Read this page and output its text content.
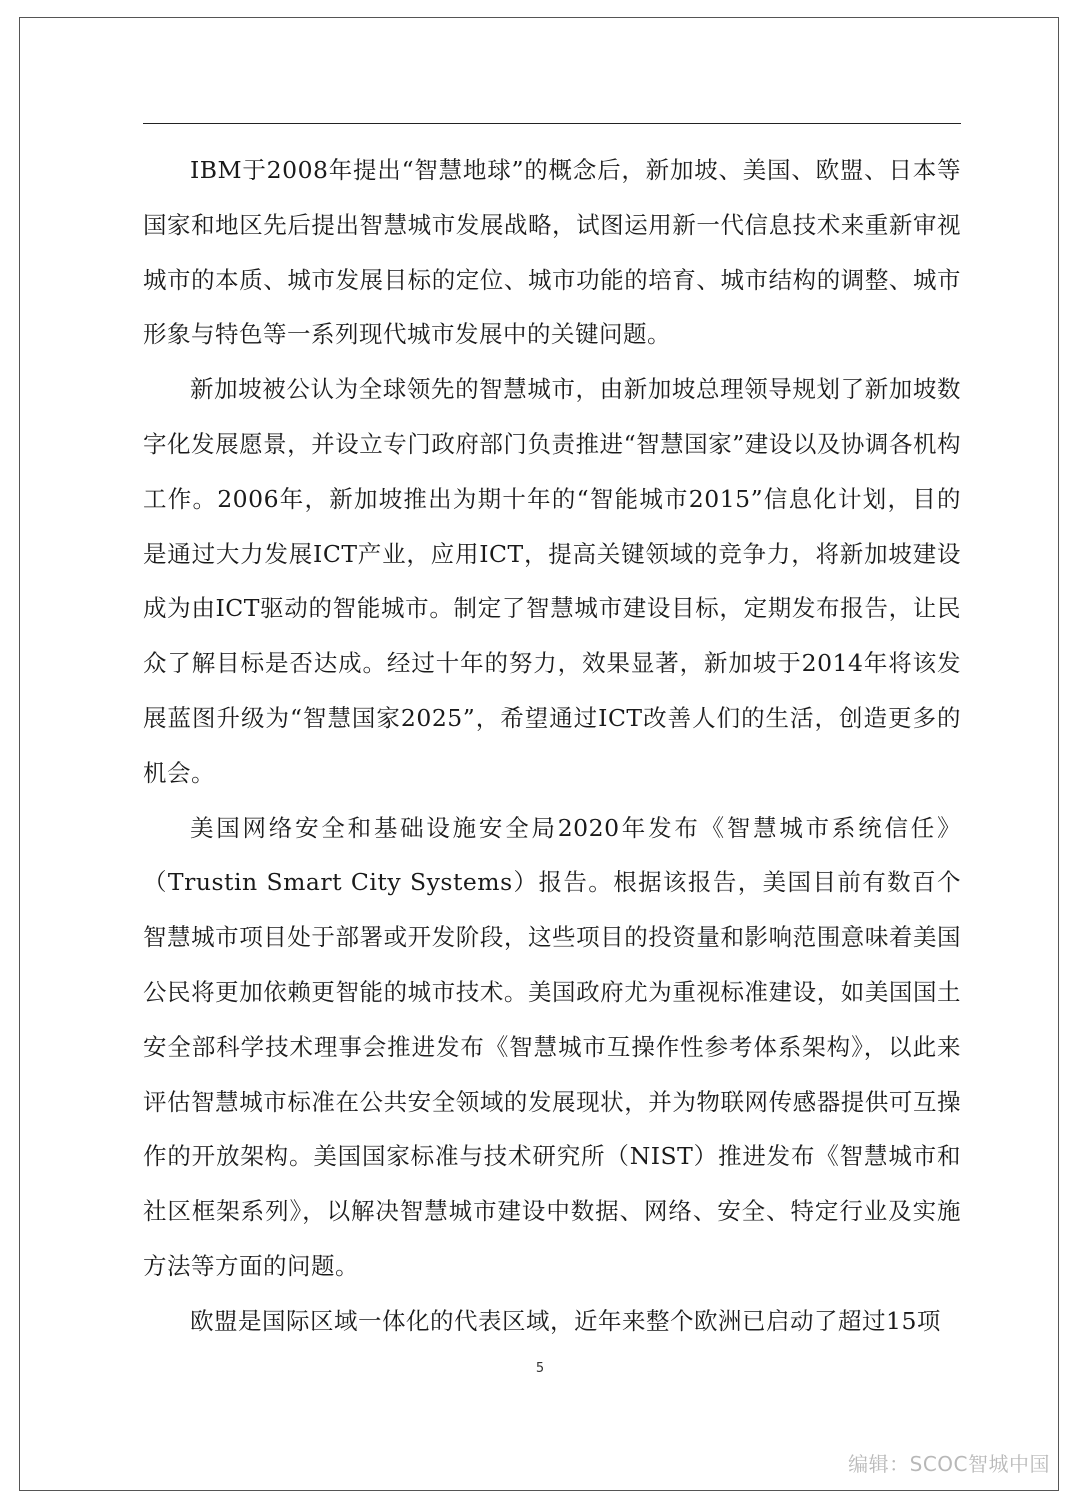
IBM于2008年提出“智慧地球”的概念后，新加坡、美国、欧盟、日本等国家和地区先后提出智慧城市发展战略，试图运用新一代信息技术来重新审视城市的本质、城市发展目标的定位、城市功能的培育、城市结构的调整、城市形象与特色等一系列现代城市发展中的关键问题。

新加坡被公认为全球领先的智慧城市，由新加坡总理领导规划了新加坡数字化发展愿景，并设立专门政府部门负责推进“智慧国家”建设以及协调各机构工作。2006年，新加坡推出为期十年的“智能城市2015”信息化计划，目的是通过大力发展ICT产业，应用ICT，提高关键领域的竞争力，将新加坡建设成为由ICT驱动的智能城市。制定了智慧城市建设目标，定期发布报告，让民众了解目标是否达成。经过十年的努力，效果显著，新加坡于2014年将该发展蓝图升级为“智慧国家2025”，希望通过ICT改善人们的生活，创造更多的机会。

美国网络安全和基础设施安全局2020年发布《智慧城市系统信任》（Trustin Smart City Systems）报告。根据该报告，美国目前有数百个智慧城市项目处于部署或开发阶段，这些项目的投资量和影响范围意味着美国公民将更加依赖更智能的城市技术。美国政府尤为重视标准建设，如美国国土安全部科学技术理事会推进发布《智慧城市互操作性参考体系架构》，以此来评估智慧城市标准在公共安全领域的发展现状，并为物联网传感器提供可互操作的开放架构。美国国家标准与技术研究所（NIST）推进发布《智慧城市和社区框架系列》，以解决智慧城市建设中数据、网络、安全、特定行业及实施方法等方面的问题。

欧盟是国际区域一体化的代表区域，近年来整个欧洲已启动了超过15项

5
编辑：SCOC智城中国
